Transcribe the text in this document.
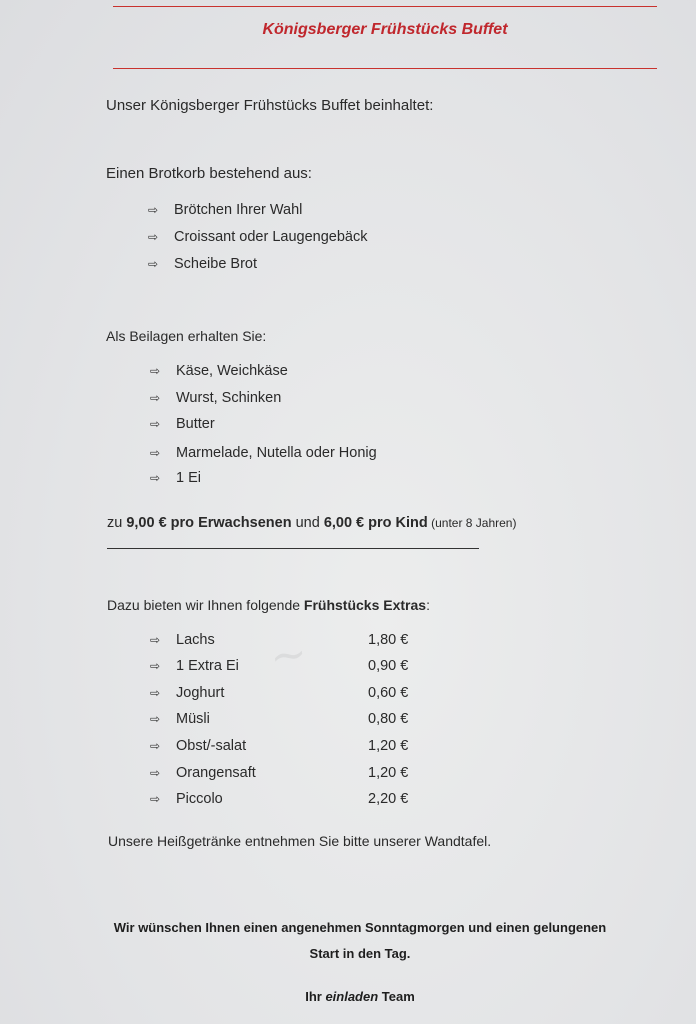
Königsberger Frühstücks Buffet
Unser Königsberger Frühstücks Buffet beinhaltet:
Einen Brotkorb bestehend aus:
⇨ Brötchen Ihrer Wahl
⇨ Croissant oder Laugengebäck
⇨ Scheibe Brot
Als Beilagen erhalten Sie:
⇨ Käse, Weichkäse
⇨ Wurst, Schinken
⇨ Butter
⇨ Marmelade, Nutella oder Honig
⇨ 1 Ei
zu 9,00 € pro Erwachsenen und 6,00 € pro Kind (unter 8 Jahren)
~
Dazu bieten wir Ihnen folgende Frühstücks Extras:
⇨ Lachs	1,80 €
⇨ 1 Extra Ei	0,90 €
⇨ Joghurt	0,60 €
⇨ Müsli	0,80 €
⇨ Obst/-salat	1,20 €
⇨ Orangensaft	1,20 €
⇨ Piccolo	2,20 €
Unsere Heißgetränke entnehmen Sie bitte unserer Wandtafel.
Wir wünschen Ihnen einen angenehmen Sonntagmorgen und einen gelungenen
Start in den Tag.
Ihr einladen Team
